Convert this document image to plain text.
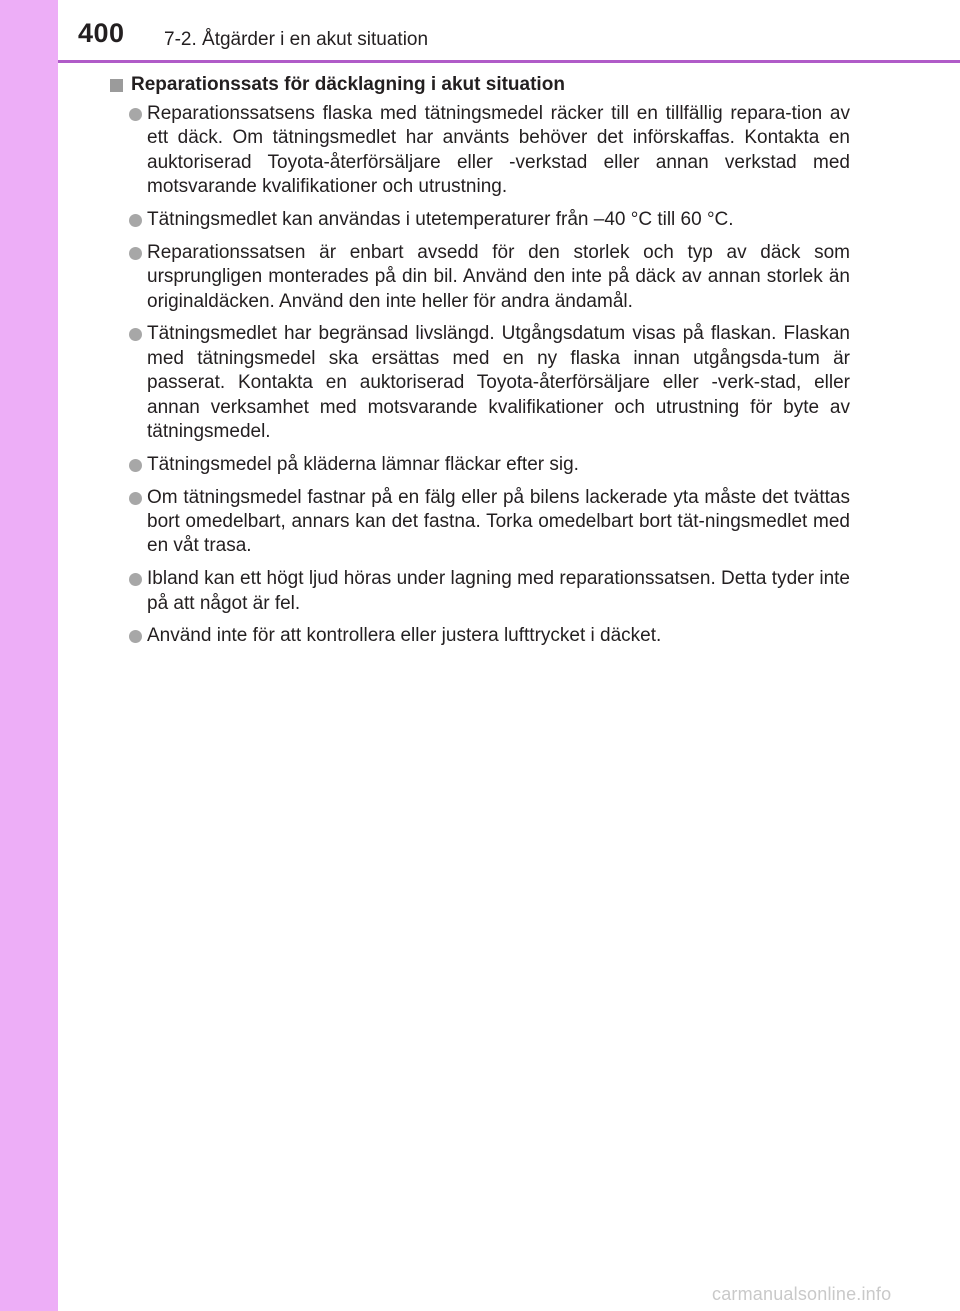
400 7-2. Åtgärder i en akut situation
Reparationssats för däcklagning i akut situation
Reparationssatsens flaska med tätningsmedel räcker till en tillfällig repara-tion av ett däck. Om tätningsmedlet har använts behöver det införskaffas. Kontakta en auktoriserad Toyota-återförsäljare eller -verkstad eller annan verkstad med motsvarande kvalifikationer och utrustning.
Tätningsmedlet kan användas i utetemperaturer från –40 °C till 60 °C.
Reparationssatsen är enbart avsedd för den storlek och typ av däck som ursprungligen monterades på din bil. Använd den inte på däck av annan storlek än originaldäcken. Använd den inte heller för andra ändamål.
Tätningsmedlet har begränsad livslängd. Utgångsdatum visas på flaskan. Flaskan med tätningsmedel ska ersättas med en ny flaska innan utgångsda-tum är passerat. Kontakta en auktoriserad Toyota-återförsäljare eller -verk-stad, eller annan verksamhet med motsvarande kvalifikationer och utrustning för byte av tätningsmedel.
Tätningsmedel på kläderna lämnar fläckar efter sig.
Om tätningsmedel fastnar på en fälg eller på bilens lackerade yta måste det tvättas bort omedelbart, annars kan det fastna. Torka omedelbart bort tät-ningsmedlet med en våt trasa.
Ibland kan ett högt ljud höras under lagning med reparationssatsen. Detta tyder inte på att något är fel.
Använd inte för att kontrollera eller justera lufttrycket i däcket.
carmanualsonline.info
